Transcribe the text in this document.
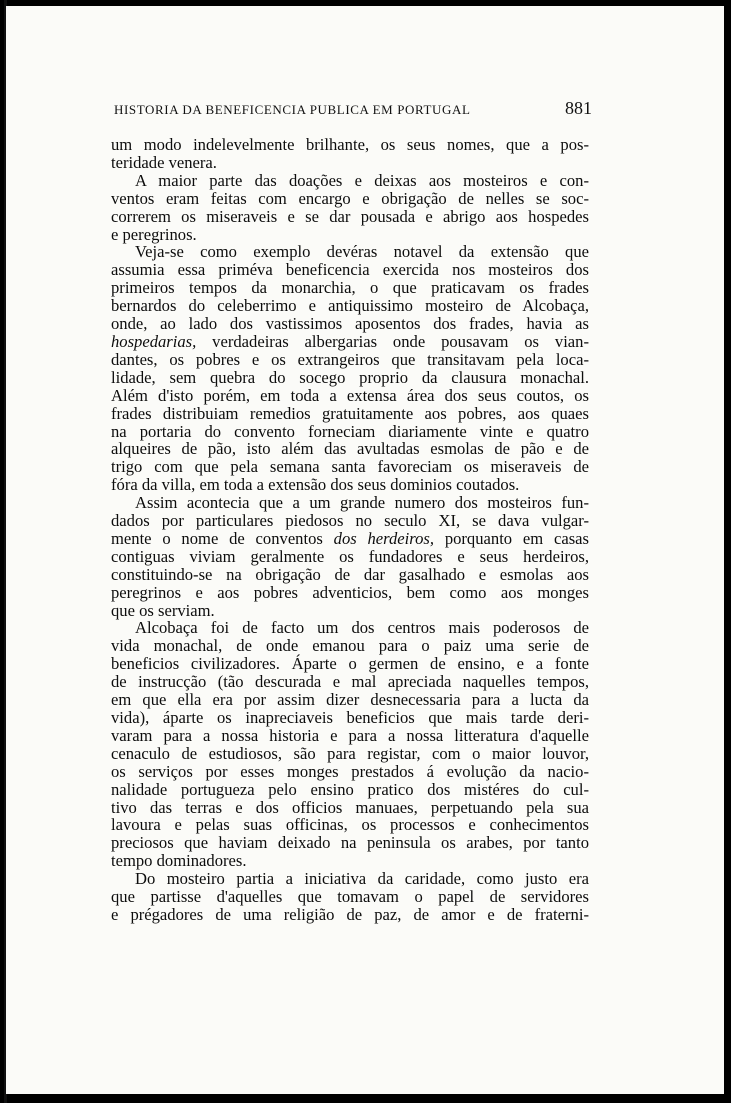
HISTORIA DA BENEFICENCIA PUBLICA EM PORTUGAL	881
um modo indelevelmente brilhante, os seus nomes, que a pos-
teridade venera.
A maior parte das doações e deixas aos mosteiros e con-
ventos eram feitas com encargo e obrigação de nelles se soc-
correrem os miseraveis e se dar pousada e abrigo aos hospedes
e peregrinos.
Veja-se como exemplo devéras notavel da extensão que
assumia essa priméva beneficencia exercida nos mosteiros dos
primeiros tempos da monarchia, o que praticavam os frades
bernardos do celeberrimo e antiquissimo mosteiro de Alcobaça,
onde, ao lado dos vastissimos aposentos dos frades, havia as
hospedarias, verdadeiras albergarias onde pousavam os vian-
dantes, os pobres e os extrangeiros que transitavam pela loca-
lidade, sem quebra do socego proprio da clausura monachal.
Além d'isto porém, em toda a extensa área dos seus coutos, os
frades distribuiam remedios gratuitamente aos pobres, aos quaes
na portaria do convento forneciam diariamente vinte e quatro
alqueires de pão, isto além das avultadas esmolas de pão e de
trigo com que pela semana santa favoreciam os miseraveis de
fóra da villa, em toda a extensão dos seus dominios coutados.
Assim acontecia que a um grande numero dos mosteiros fun-
dados por particulares piedosos no seculo XI, se dava vulgar-
mente o nome de conventos dos herdeiros, porquanto em casas
contiguas viviam geralmente os fundadores e seus herdeiros,
constituindo-se na obrigação de dar gasalhado e esmolas aos
peregrinos e aos pobres adventicios, bem como aos monges
que os serviam.
Alcobaça foi de facto um dos centros mais poderosos de
vida monachal, de onde emanou para o paiz uma serie de
beneficios civilizadores. Áparte o germen de ensino, e a fonte
de instrucção (tão descurada e mal apreciada naquelles tempos,
em que ella era por assim dizer desnecessaria para a lucta da
vida), áparte os inapreciaveis beneficios que mais tarde deri-
varam para a nossa historia e para a nossa litteratura d'aquelle
cenaculo de estudiosos, são para registar, com o maior louvor,
os serviços por esses monges prestados á evolução da nacio-
nalidade portugueza pelo ensino pratico dos mistéres do cul-
tivo das terras e dos officios manuaes, perpetuando pela sua
lavoura e pelas suas officinas, os processos e conhecimentos
preciosos que haviam deixado na peninsula os arabes, por tanto
tempo dominadores.
Do mosteiro partia a iniciativa da caridade, como justo era
que partisse d'aquelles que tomavam o papel de servidores
e prégadores de uma religião de paz, de amor e de fraterni-
